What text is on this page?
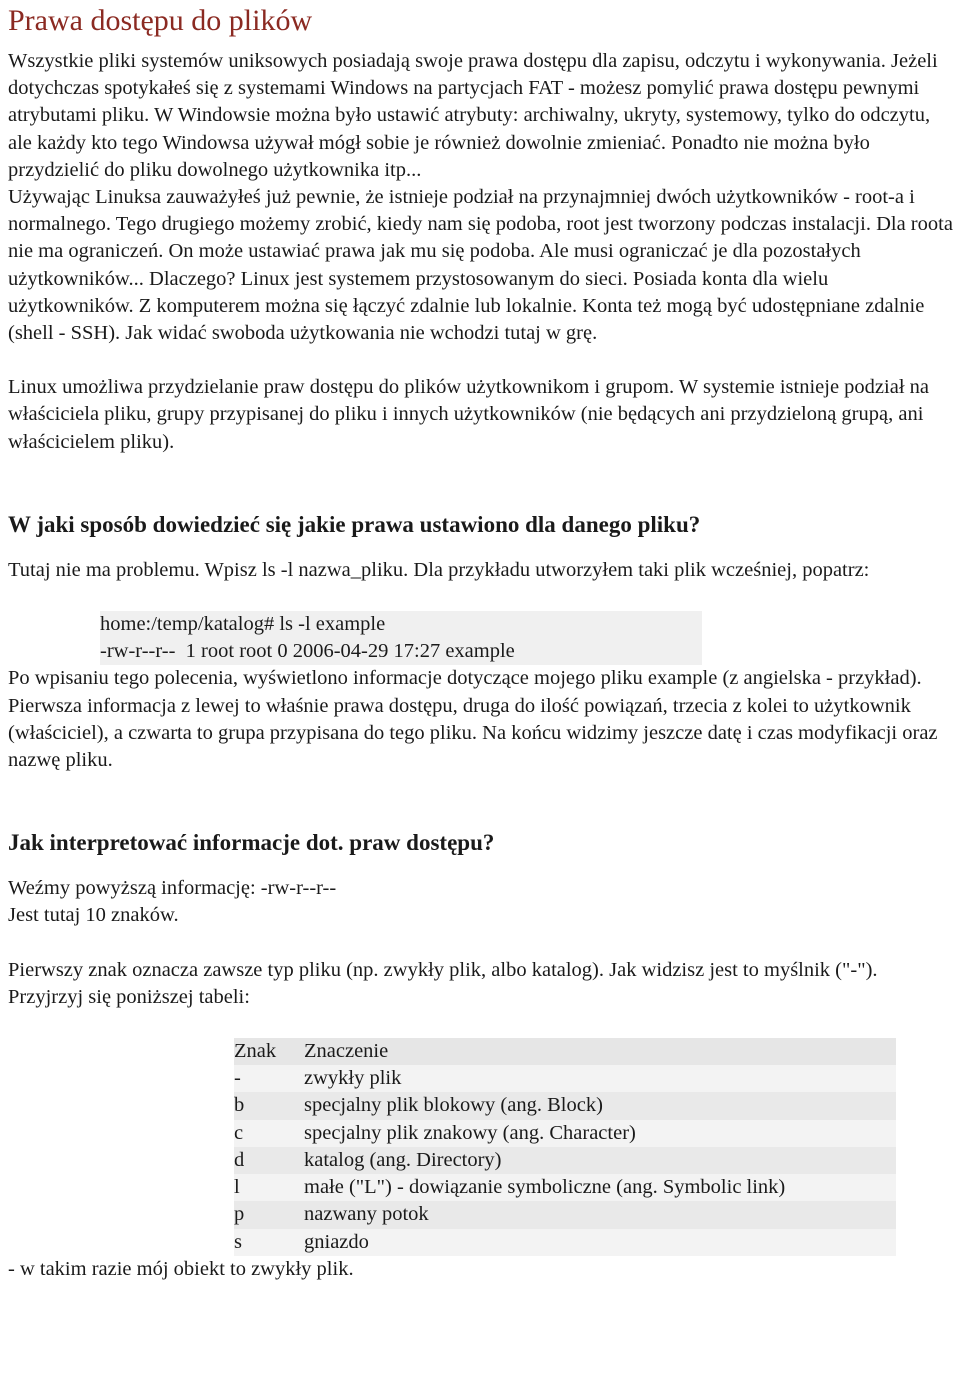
Prawa dostępu do plików

Wszystkie pliki systemów uniksowych posiadają swoje prawa dostępu dla zapisu, odczytu i wykonywania. Jeżeli dotychczas spotykałeś się z systemami Windows na partycjach FAT - możesz pomylić prawa dostępu pewnymi atrybutami pliku. W Windowsie można było ustawić atrybuty: archiwalny, ukryty, systemowy, tylko do odczytu, ale każdy kto tego Windowsa używał mógł sobie je również dowolnie zmieniać. Ponadto nie można było przydzielić do pliku dowolnego użytkownika itp...

Używając Linuksa zauważyłeś już pewnie, że istnieje podział na przynajmniej dwóch użytkowników - root-a i normalnego. Tego drugiego możemy zrobić, kiedy nam się podoba, root jest tworzony podczas instalacji. Dla roota nie ma ograniczeń. On może ustawiać prawa jak mu się podoba. Ale musi ograniczać je dla pozostałych użytkowników... Dlaczego? Linux jest systemem przystosowanym do sieci. Posiada konta dla wielu użytkowników. Z komputerem można się łączyć zdalnie lub lokalnie. Konta też mogą być udostępniane zdalnie (shell - SSH). Jak widać swoboda użytkowania nie wchodzi tutaj w grę.

Linux umożliwa przydzielanie praw dostępu do plików użytkownikom i grupom. W systemie istnieje podział na właściciela pliku, grupy przypisanej do pliku i innych użytkowników (nie będących ani przydzieloną grupą, ani właścicielem pliku).

W jaki sposób dowiedzieć się jakie prawa ustawiono dla danego pliku?

Tutaj nie ma problemu. Wpisz ls -l nazwa_pliku. Dla przykładu utworzyłem taki plik wcześniej, popatrz:

home:/temp/katalog# ls -l example
-rw-r--r--  1 root root 0 2006-04-29 17:27 example

Po wpisaniu tego polecenia, wyświetlono informacje dotyczące mojego pliku example (z angielska - przykład). Pierwsza informacja z lewej to właśnie prawa dostępu, druga do ilość powiązań, trzecia z kolei to użytkownik (właściciel), a czwarta to grupa przypisana do tego pliku. Na końcu widzimy jeszcze datę i czas modyfikacji oraz nazwę pliku.

Jak interpretować informacje dot. praw dostępu?

Weźmy powyższą informację: -rw-r--r--

Jest tutaj 10 znaków.

Pierwszy znak oznacza zawsze typ pliku (np. zwykły plik, albo katalog). Jak widzisz jest to myślnik ("-"). Przyjrzyj się poniższej tabeli:

Znak	Znaczenie
-	zwykły plik
b	specjalny plik blokowy (ang. Block)
c	specjalny plik znakowy (ang. Character)
d	katalog (ang. Directory)
l	małe ("L") - dowiązanie symboliczne (ang. Symbolic link)
p	nazwany potok
s	gniazdo

- w takim razie mój obiekt to zwykły plik.
